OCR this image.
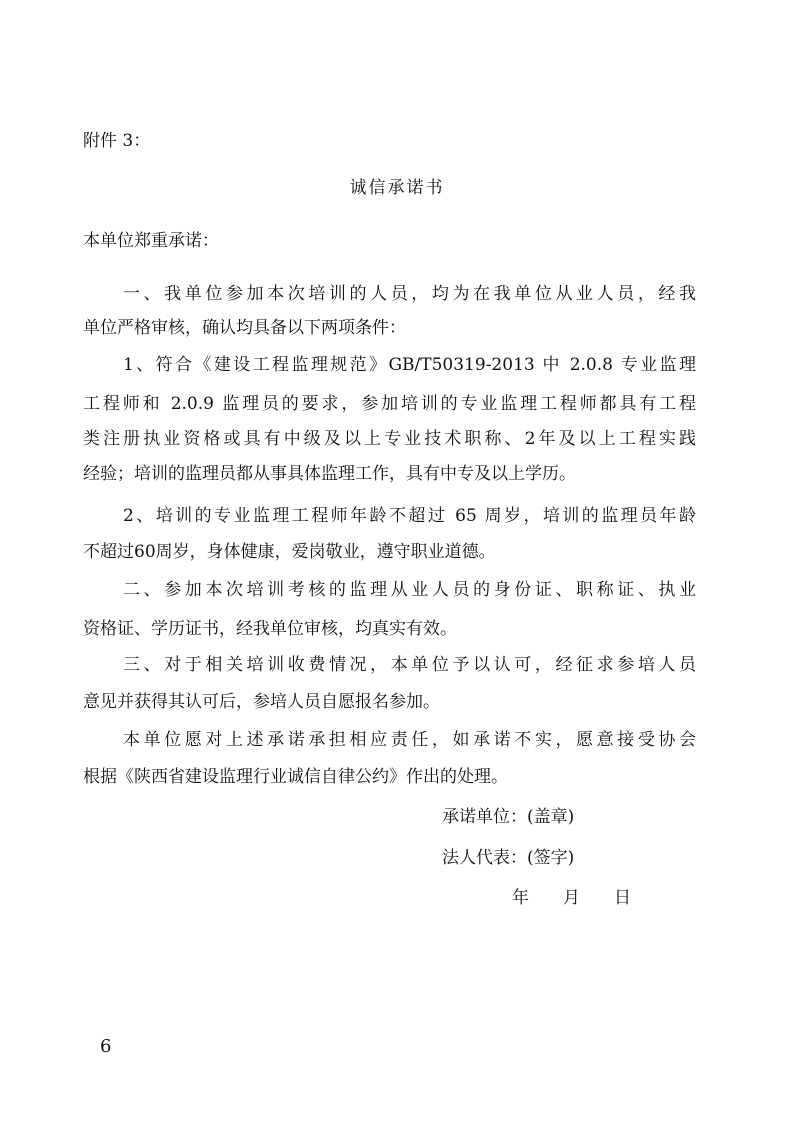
附件 3：
诚信承诺书
本单位郑重承诺：
一、我单位参加本次培训的人员，均为在我单位从业人员，经我
单位严格审核，确认均具备以下两项条件：
1、符合《建设工程监理规范》GB/T50319-2013 中 2.0.8 专业监理
工程师和 2.0.9 监理员的要求，参加培训的专业监理工程师都具有工程
类注册执业资格或具有中级及以上专业技术职称、2年及以上工程实践
经验；培训的监理员都从事具体监理工作，具有中专及以上学历。
2、培训的专业监理工程师年龄不超过 65 周岁，培训的监理员年龄
不超过60周岁，身体健康，爱岗敬业，遵守职业道德。
二、参加本次培训考核的监理从业人员的身份证、职称证、执业
资格证、学历证书，经我单位审核，均真实有效。
三、对于相关培训收费情况，本单位予以认可，经征求参培人员
意见并获得其认可后，参培人员自愿报名参加。
本单位愿对上述承诺承担相应责任，如承诺不实，愿意接受协会
根据《陕西省建设监理行业诚信自律公约》作出的处理。
承诺单位：(盖章)
法人代表：(签字)
年　　月　　日
6
